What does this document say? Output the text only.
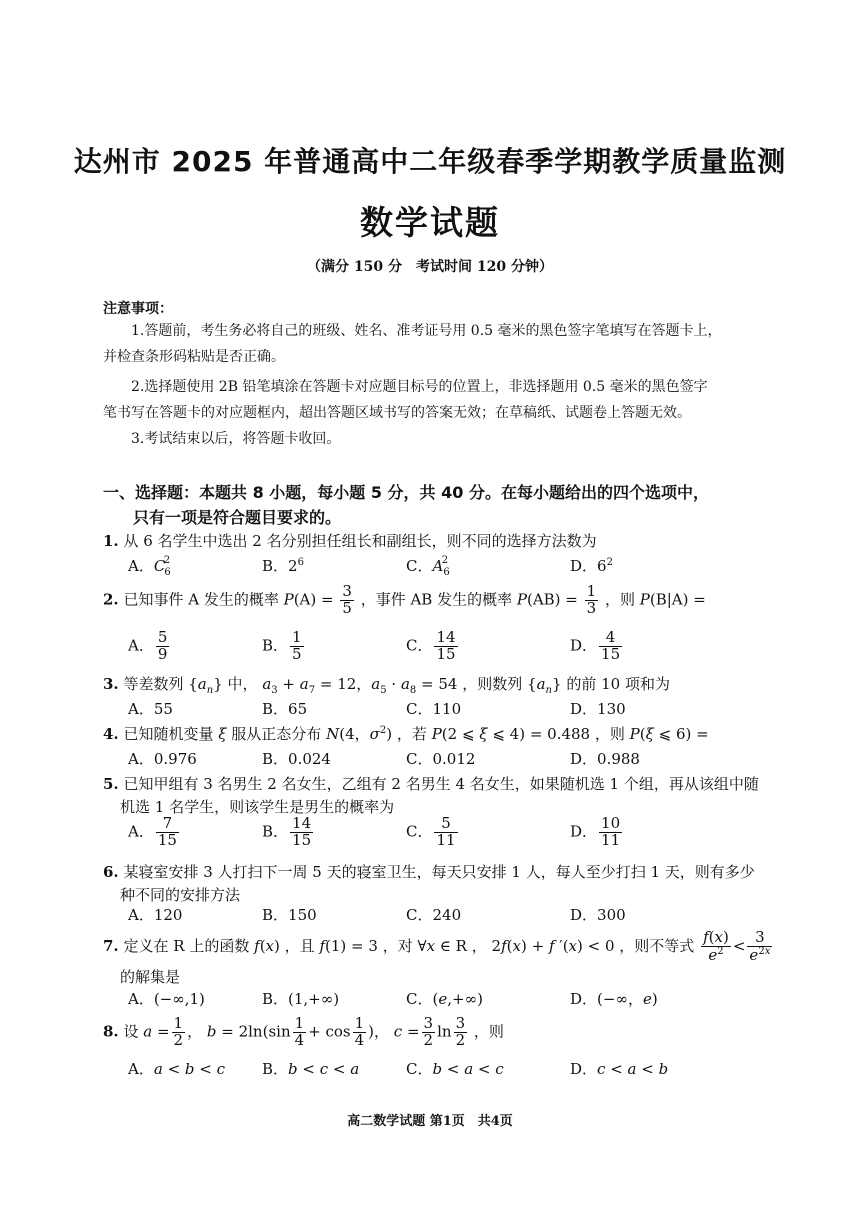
达州市 2025 年普通高中二年级春季学期教学质量监测
数学试题
（满分 150 分　考试时间 120 分钟）
注意事项：
1.答题前，考生务必将自己的班级、姓名、准考证号用 0.5 毫米的黑色签字笔填写在答题卡上，
并检查条形码粘贴是否正确。
2.选择题使用 2B 铅笔填涂在答题卡对应题目标号的位置上，非选择题用 0.5 毫米的黑色签字
笔书写在答题卡的对应题框内，超出答题区域书写的答案无效；在草稿纸、试题卷上答题无效。
3.考试结束以后，将答题卡收回。
一、选择题：本题共 8 小题，每小题 5 分，共 40 分。在每小题给出的四个选项中，
只有一项是符合题目要求的。
1. 从 6 名学生中选出 2 名分别担任组长和副组长，则不同的选择方法数为
A．$C_6^2$	B．$2^6$	C．$A_6^2$	D．$6^2$
2. 已知事件 A 发生的概率 $P(A) = \frac{3}{5}$ ，事件 AB 发生的概率 $P(AB) = \frac{1}{3}$ ，则 P(B|A) =
A． $\frac{5}{9}$	B． $\frac{1}{5}$	C． $\frac{14}{15}$	D． $\frac{4}{15}$
3. 等差数列 $\{a_n\}$ 中， $a_3 + a_7 = 12$，$a_5 \cdot a_8 = 54$ ，则数列 $\{a_n\}$ 的前 10 项和为
A．55	B．65	C．110	D．130
4. 已知随机变量 ξ 服从正态分布 N(4，$\sigma^2$) ，若 P(2 ⩽ ξ ⩽ 4) = 0.488 ，则 P(ξ ⩽ 6) =
A．0.976	B．0.024	C．0.012	D．0.988
5. 已知甲组有 3 名男生 2 名女生，乙组有 2 名男生 4 名女生，如果随机选 1 个组，再从该组中随
机选 1 名学生，则该学生是男生的概率为
A． $\frac{7}{15}$	B． $\frac{14}{15}$	C． $\frac{5}{11}$	D． $\frac{10}{11}$
6. 某寝室安排 3 人打扫下一周 5 天的寝室卫生，每天只安排 1 人，每人至少打扫 1 天，则有多少
种不同的安排方法
A．120	B．150	C．240	D．300
7. 定义在 R 上的函数 f(x) ，且 f(1) = 3 ，对 ∀x ∈ R ， 2f(x) + f ′(x) < 0 ，则不等式 $\frac{f(x)}{e^2} < \frac{3}{e^{2x}}$
的解集是
A．(−∞,1)	B．(1,+∞)	C．(e,+∞)	D．(−∞，e)
8. 设 $a = \frac{1}{2}$ ， $b = 2\ln(\sin \frac{1}{4} + \cos \frac{1}{4}$ )， $c = \frac{3}{2}$ $\ln \frac{3}{2}$ ，则
A．a < b < c B．b < c < a	C．b < a < c	D．c < a < b
高二数学试题 第1页　共4页
